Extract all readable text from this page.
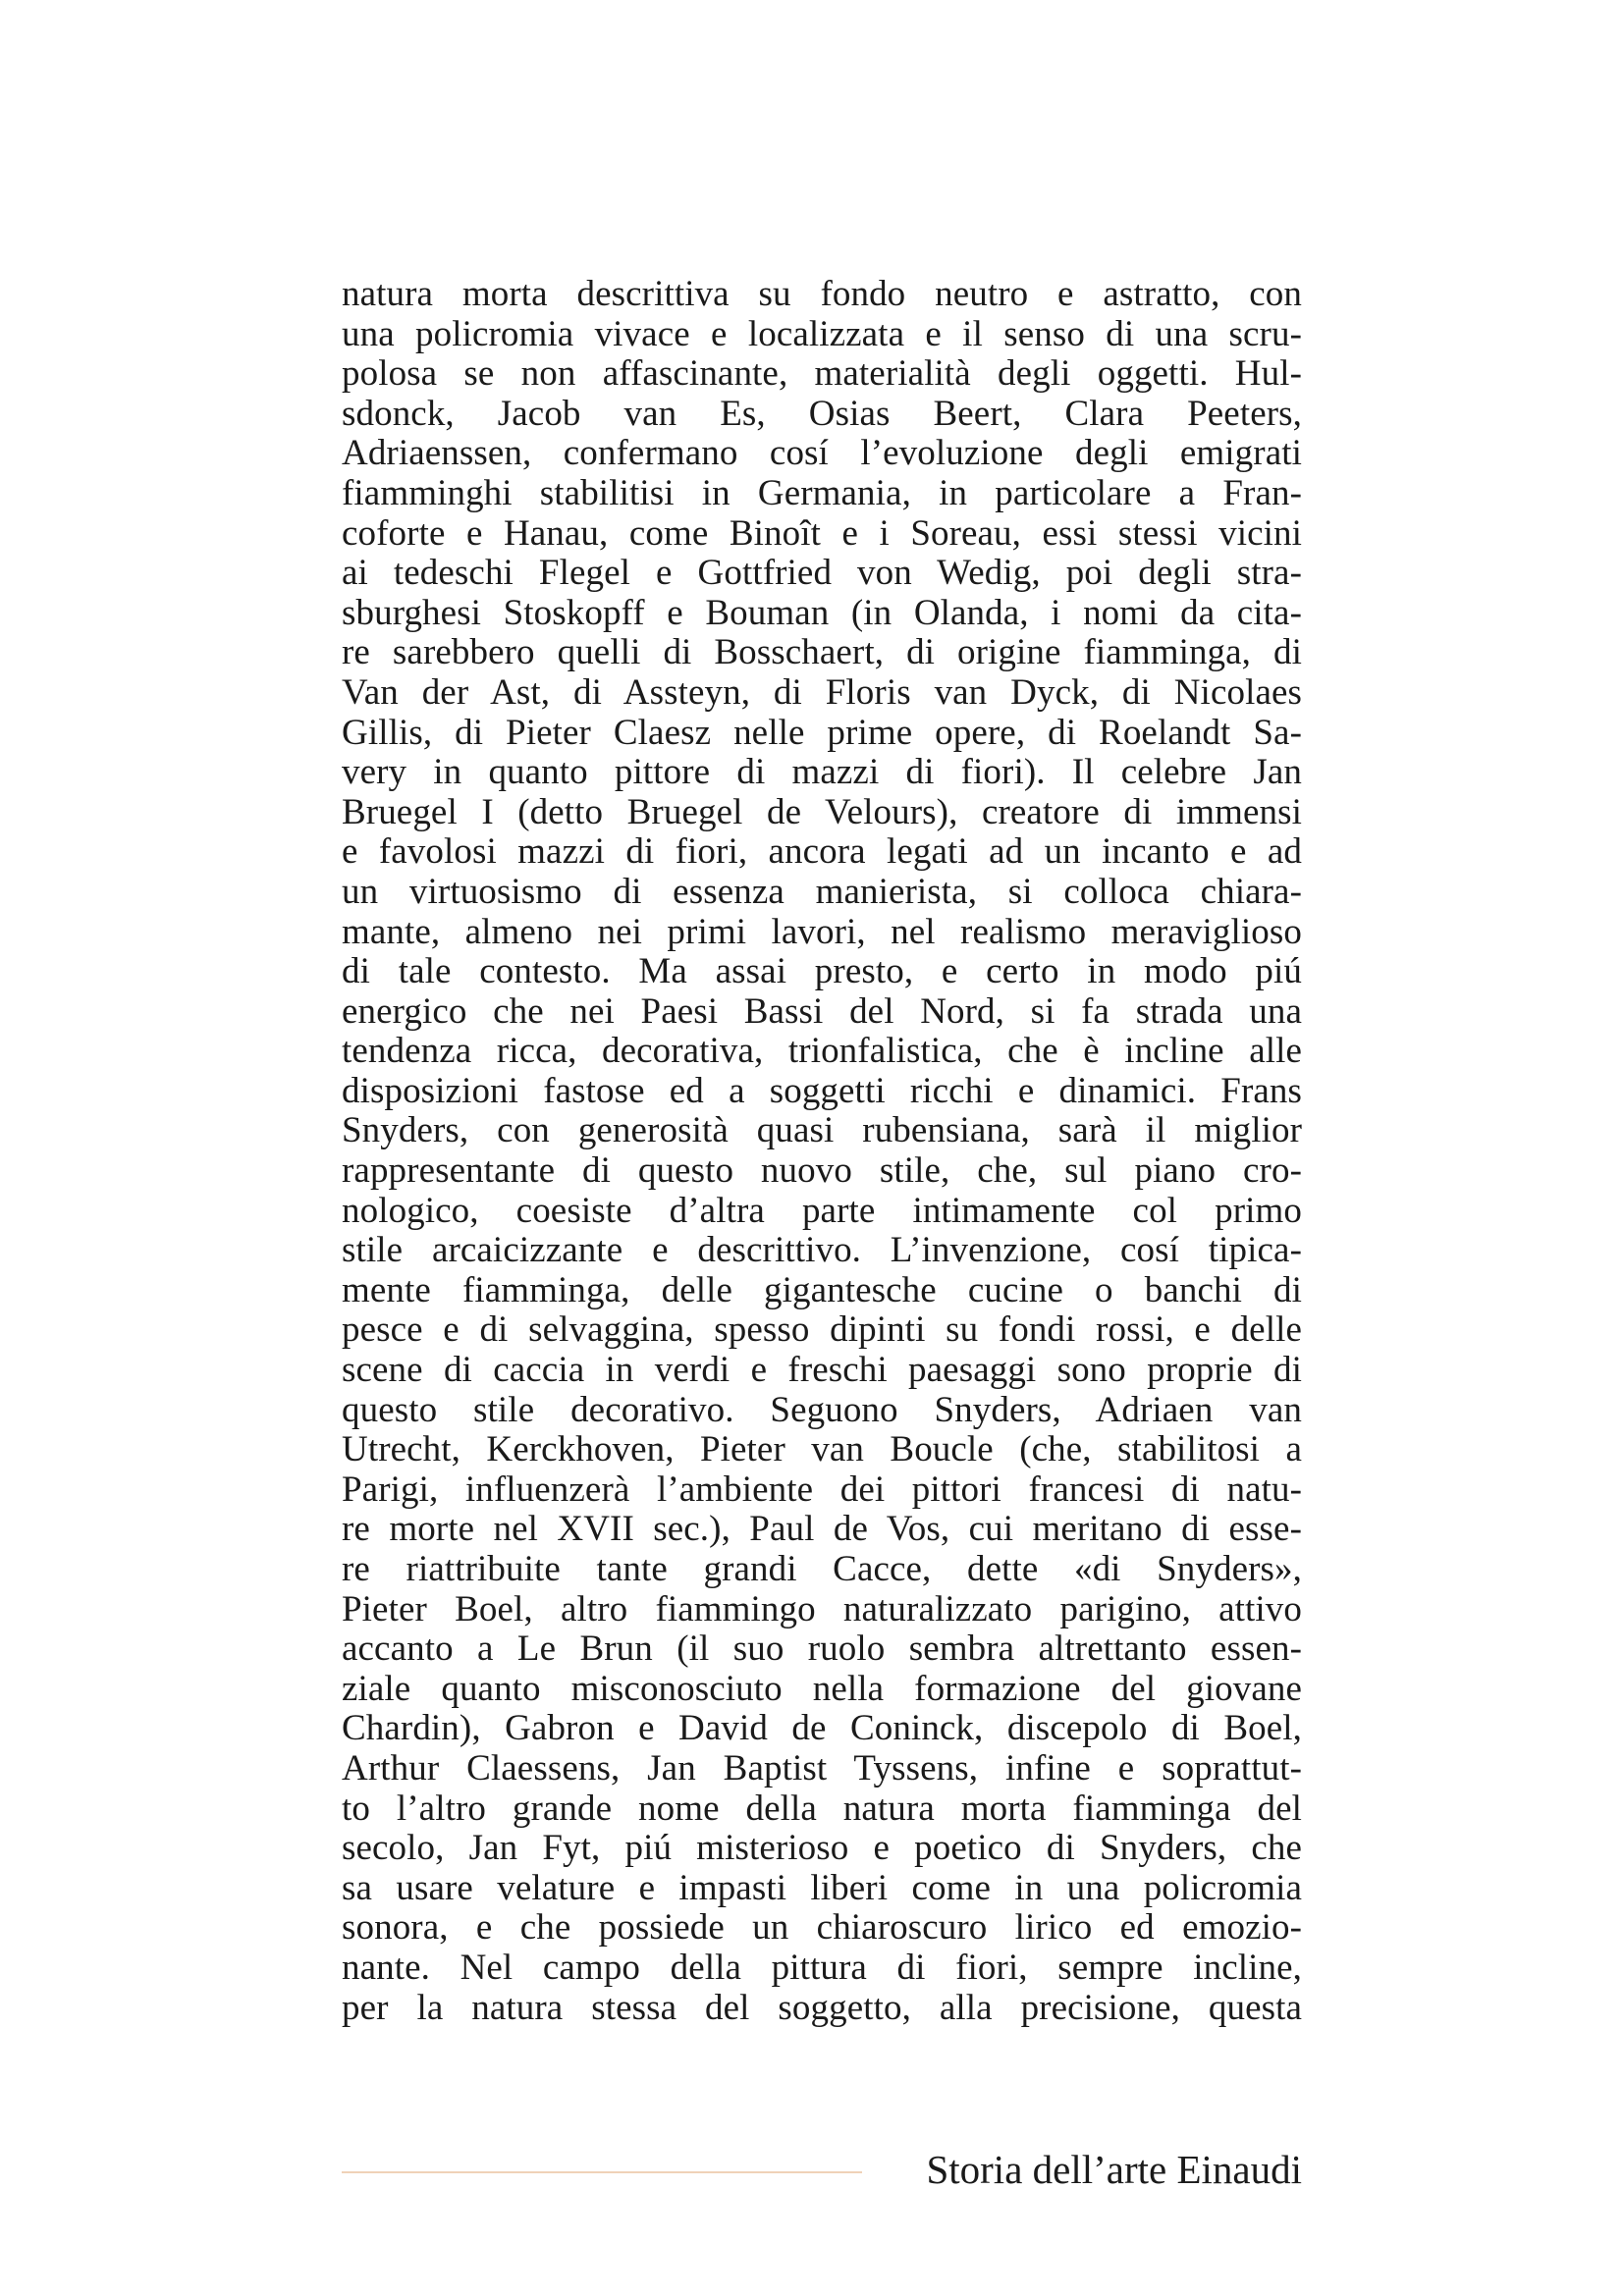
natura morta descrittiva su fondo neutro e astratto, con
una policromia vivace e localizzata e il senso di una scru-
polosa se non affascinante, materialità degli oggetti. Hul-
sdonck, Jacob van Es, Osias Beert, Clara Peeters,
Adriaenssen, confermano cosí l’evoluzione degli emigrati
fiamminghi stabilitisi in Germania, in particolare a Fran-
coforte e Hanau, come Binoît e i Soreau, essi stessi vicini
ai tedeschi Flegel e Gottfried von Wedig, poi degli stra-
sburghesi Stoskopff e Bouman (in Olanda, i nomi da cita-
re sarebbero quelli di Bosschaert, di origine fiamminga, di
Van der Ast, di Assteyn, di Floris van Dyck, di Nicolaes
Gillis, di Pieter Claesz nelle prime opere, di Roelandt Sa-
very in quanto pittore di mazzi di fiori). Il celebre Jan
Bruegel I (detto Bruegel de Velours), creatore di immensi
e favolosi mazzi di fiori, ancora legati ad un incanto e ad
un virtuosismo di essenza manierista, si colloca chiara-
mante, almeno nei primi lavori, nel realismo meraviglioso
di tale contesto. Ma assai presto, e certo in modo piú
energico che nei Paesi Bassi del Nord, si fa strada una
tendenza ricca, decorativa, trionfalistica, che è incline alle
disposizioni fastose ed a soggetti ricchi e dinamici. Frans
Snyders, con generosità quasi rubensiana, sarà il miglior
rappresentante di questo nuovo stile, che, sul piano cro-
nologico, coesiste d’altra parte intimamente col primo
stile arcaicizzante e descrittivo. L’invenzione, cosí tipica-
mente fiamminga, delle gigantesche cucine o banchi di
pesce e di selvaggina, spesso dipinti su fondi rossi, e delle
scene di caccia in verdi e freschi paesaggi sono proprie di
questo stile decorativo. Seguono Snyders, Adriaen van
Utrecht, Kerckhoven, Pieter van Boucle (che, stabilitosi a
Parigi, influenzerà l’ambiente dei pittori francesi di natu-
re morte nel XVII sec.), Paul de Vos, cui meritano di esse-
re riattribuite tante grandi Cacce, dette «di Snyders»,
Pieter Boel, altro fiammingo naturalizzato parigino, attivo
accanto a Le Brun (il suo ruolo sembra altrettanto essen-
ziale quanto misconosciuto nella formazione del giovane
Chardin), Gabron e David de Coninck, discepolo di Boel,
Arthur Claessens, Jan Baptist Tyssens, infine e soprattut-
to l’altro grande nome della natura morta fiamminga del
secolo, Jan Fyt, piú misterioso e poetico di Snyders, che
sa usare velature e impasti liberi come in una policromia
sonora, e che possiede un chiaroscuro lirico ed emozio-
nante. Nel campo della pittura di fiori, sempre incline,
per la natura stessa del soggetto, alla precisione, questa
Storia dell’arte Einaudi
